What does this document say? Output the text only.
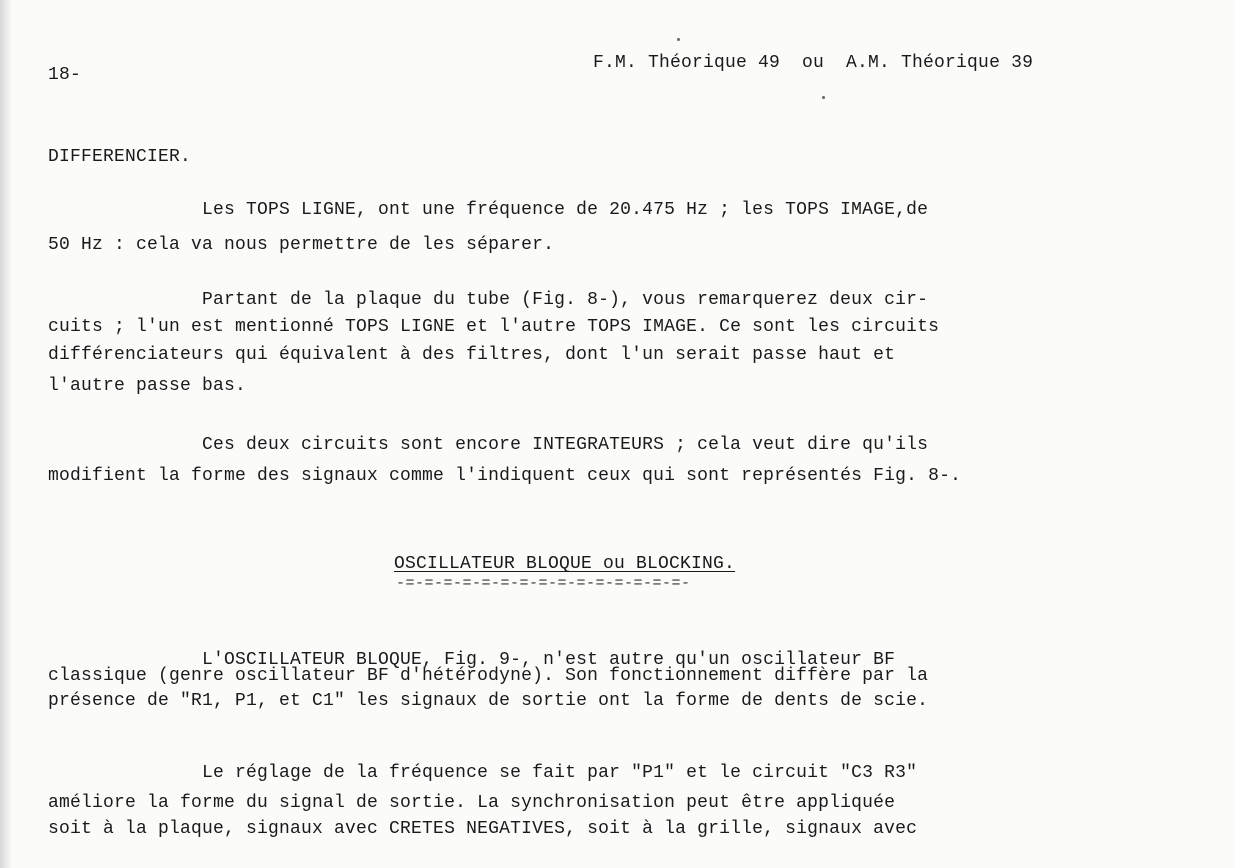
18-
F.M. Théorique 49  ou  A.M. Théorique 39
DIFFERENCIER.
Les TOPS LIGNE, ont une fréquence de 20.475 Hz ; les TOPS IMAGE,de
50 Hz : cela va nous permettre de les séparer.
Partant de la plaque du tube (Fig. 8-), vous remarquerez deux cir-
cuits ; l'un est mentionné TOPS LIGNE et l'autre TOPS IMAGE. Ce sont les circuits
différenciateurs qui équivalent à des filtres, dont l'un serait passe haut et
l'autre passe bas.
Ces deux circuits sont encore INTEGRATEURS ; cela veut dire qu'ils
modifient la forme des signaux comme l'indiquent ceux qui sont représentés Fig. 8-.
OSCILLATEUR BLOQUE ou BLOCKING.
-=-=-=-=-=-=-=-=-=-=-=-=-=-=-=-
L'OSCILLATEUR BLOQUE, Fig. 9-, n'est autre qu'un oscillateur BF
classique (genre oscillateur BF d'hétérodyne). Son fonctionnement diffère par la
présence de "R1, P1, et C1" les signaux de sortie ont la forme de dents de scie.
Le réglage de la fréquence se fait par "P1" et le circuit "C3 R3"
améliore la forme du signal de sortie. La synchronisation peut être appliquée
soit à la plaque, signaux avec CRETES NEGATIVES, soit à la grille, signaux avec
